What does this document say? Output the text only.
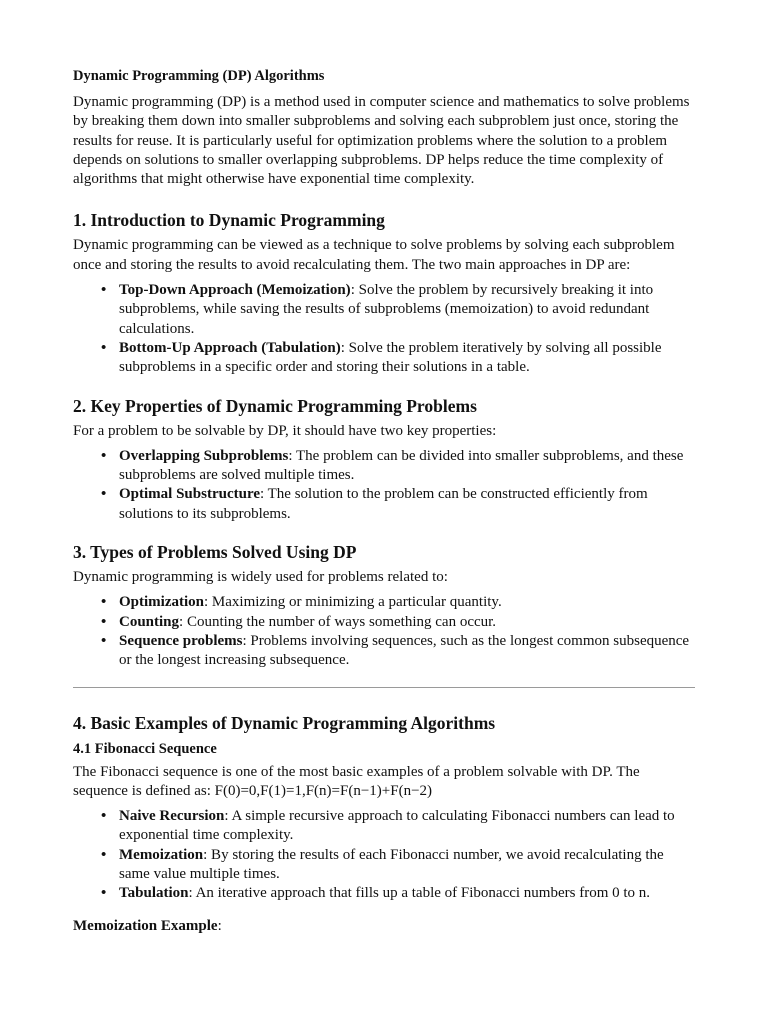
Dynamic Programming (DP) Algorithms

Dynamic programming (DP) is a method used in computer science and mathematics to solve problems by breaking them down into smaller subproblems and solving each subproblem just once, storing the results for reuse. It is particularly useful for optimization problems where the solution to a problem depends on solutions to smaller overlapping subproblems. DP helps reduce the time complexity of algorithms that might otherwise have exponential time complexity.

1. Introduction to Dynamic Programming

Dynamic programming can be viewed as a technique to solve problems by solving each subproblem once and storing the results to avoid recalculating them. The two main approaches in DP are:

• Top-Down Approach (Memoization): Solve the problem by recursively breaking it into subproblems, while saving the results of subproblems (memoization) to avoid redundant calculations.
• Bottom-Up Approach (Tabulation): Solve the problem iteratively by solving all possible subproblems in a specific order and storing their solutions in a table.
2. Key Properties of Dynamic Programming Problems

For a problem to be solvable by DP, it should have two key properties:

• Overlapping Subproblems: The problem can be divided into smaller subproblems, and these subproblems are solved multiple times.
• Optimal Substructure: The solution to the problem can be constructed efficiently from solutions to its subproblems.
3. Types of Problems Solved Using DP

Dynamic programming is widely used for problems related to:

• Optimization: Maximizing or minimizing a particular quantity.
• Counting: Counting the number of ways something can occur.
• Sequence problems: Problems involving sequences, such as the longest common subsequence or the longest increasing subsequence.
4. Basic Examples of Dynamic Programming Algorithms
4.1 Fibonacci Sequence

The Fibonacci sequence is one of the most basic examples of a problem solvable with DP. The sequence is defined as: F(0)=0,F(1)=1,F(n)=F(n−1)+F(n−2)

• Naive Recursion: A simple recursive approach to calculating Fibonacci numbers can lead to exponential time complexity.
• Memoization: By storing the results of each Fibonacci number, we avoid recalculating the same value multiple times.
• Tabulation: An iterative approach that fills up a table of Fibonacci numbers from 0 to n.

Memoization Example:
